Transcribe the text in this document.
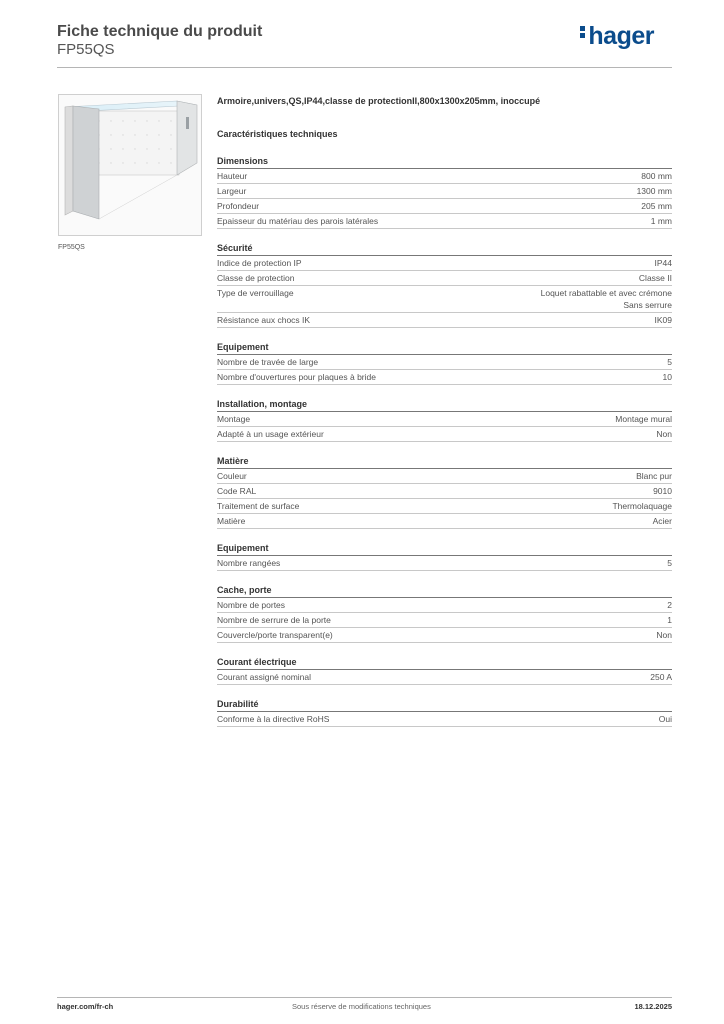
Fiche technique du produit
FP55QS	hager
FP55QS
Armoire,univers,QS,IP44,classe de protectionII,800x1300x205mm, inoccupé
Caractéristiques techniques
Dimensions
Hauteur	800 mm
Largeur	1300 mm
Profondeur	205 mm
Epaisseur du matériau des parois latérales	1 mm
Sécurité
Indice de protection IP	IP44
Classe de protection	Classe II
Type de verrouillage	Loquet rabattable et avec crémone
Sans serrure
Résistance aux chocs IK	IK09
Equipement
Nombre de travée de large	5
Nombre d'ouvertures pour plaques à bride	10
Installation, montage
Montage	Montage mural
Adapté à un usage extérieur	Non
Matière
Couleur	Blanc pur
Code RAL	9010
Traitement de surface	Thermolaquage
Matière	Acier
Equipement
Nombre rangées	5
Cache, porte
Nombre de portes	2
Nombre de serrure de la porte	1
Couvercle/porte transparent(e)	Non
Courant électrique
Courant assigné nominal	250 A
Durabilité
Conforme à la directive RoHS	Oui
hager.com/fr-ch	Sous réserve de modifications techniques	18.12.2025
